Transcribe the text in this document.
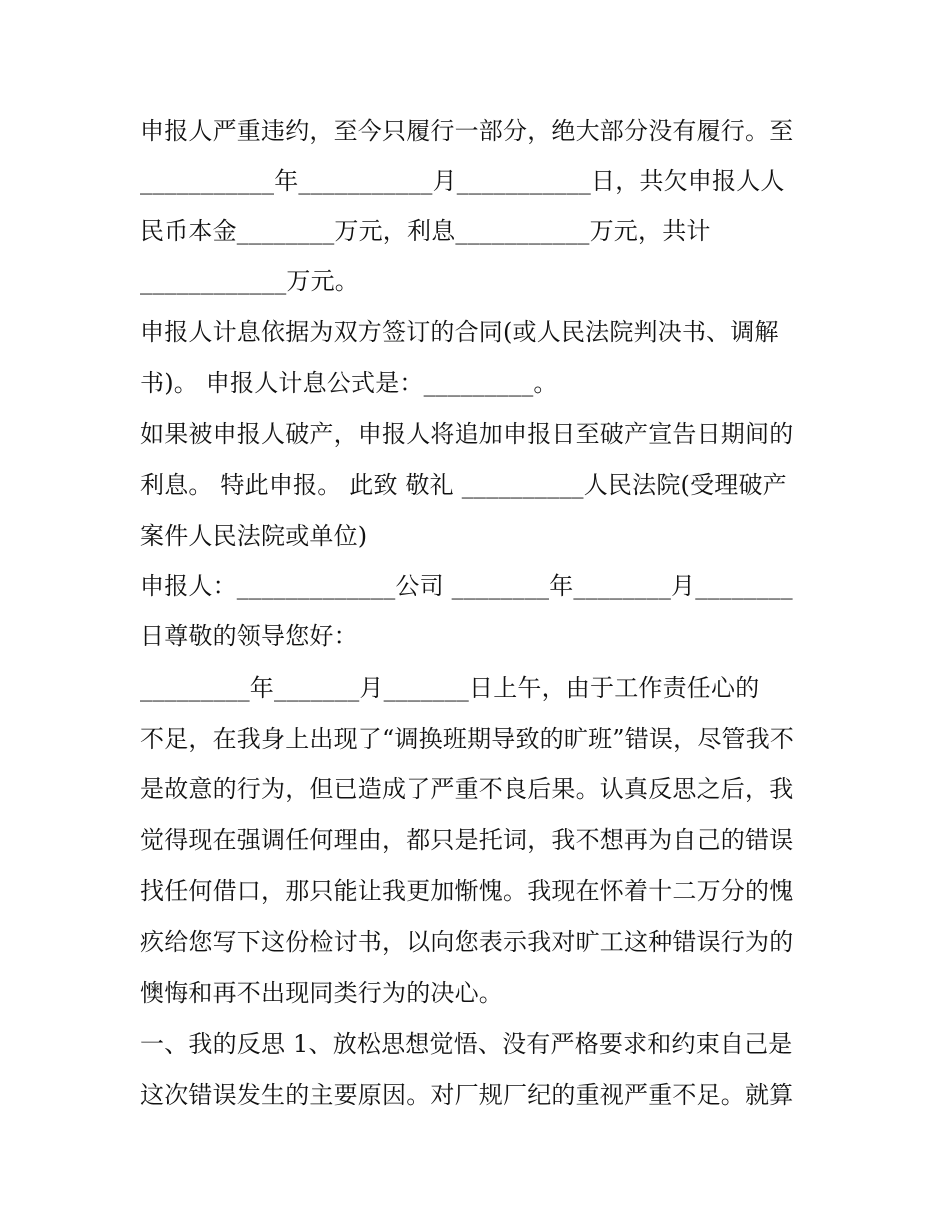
申报人严重违约，至今只履行一部分，绝大部分没有履行。至
___________年___________月___________日，共欠申报人人
民币本金________万元，利息___________万元，共计
____________万元。
申报人计息依据为双方签订的合同(或人民法院判决书、调解
书)。 申报人计息公式是：_________。
如果被申报人破产，申报人将追加申报日至破产宣告日期间的
利息。 特此申报。 此致 敬礼 __________人民法院(受理破产
案件人民法院或单位)
申报人：_____________公司 ________年________月________
日尊敬的领导您好：
_________年_______月_______日上午，由于工作责任心的
不足，在我身上出现了“调换班期导致的旷班”错误，尽管我不
是故意的行为，但已造成了严重不良后果。认真反思之后，我
觉得现在强调任何理由，都只是托词，我不想再为自己的错误
找任何借口，那只能让我更加惭愧。我现在怀着十二万分的愧
疚给您写下这份检讨书，以向您表示我对旷工这种错误行为的
懊悔和再不出现同类行为的决心。
一、我的反思 1、放松思想觉悟、没有严格要求和约束自己是
这次错误发生的主要原因。对厂规厂纪的重视严重不足。就算
